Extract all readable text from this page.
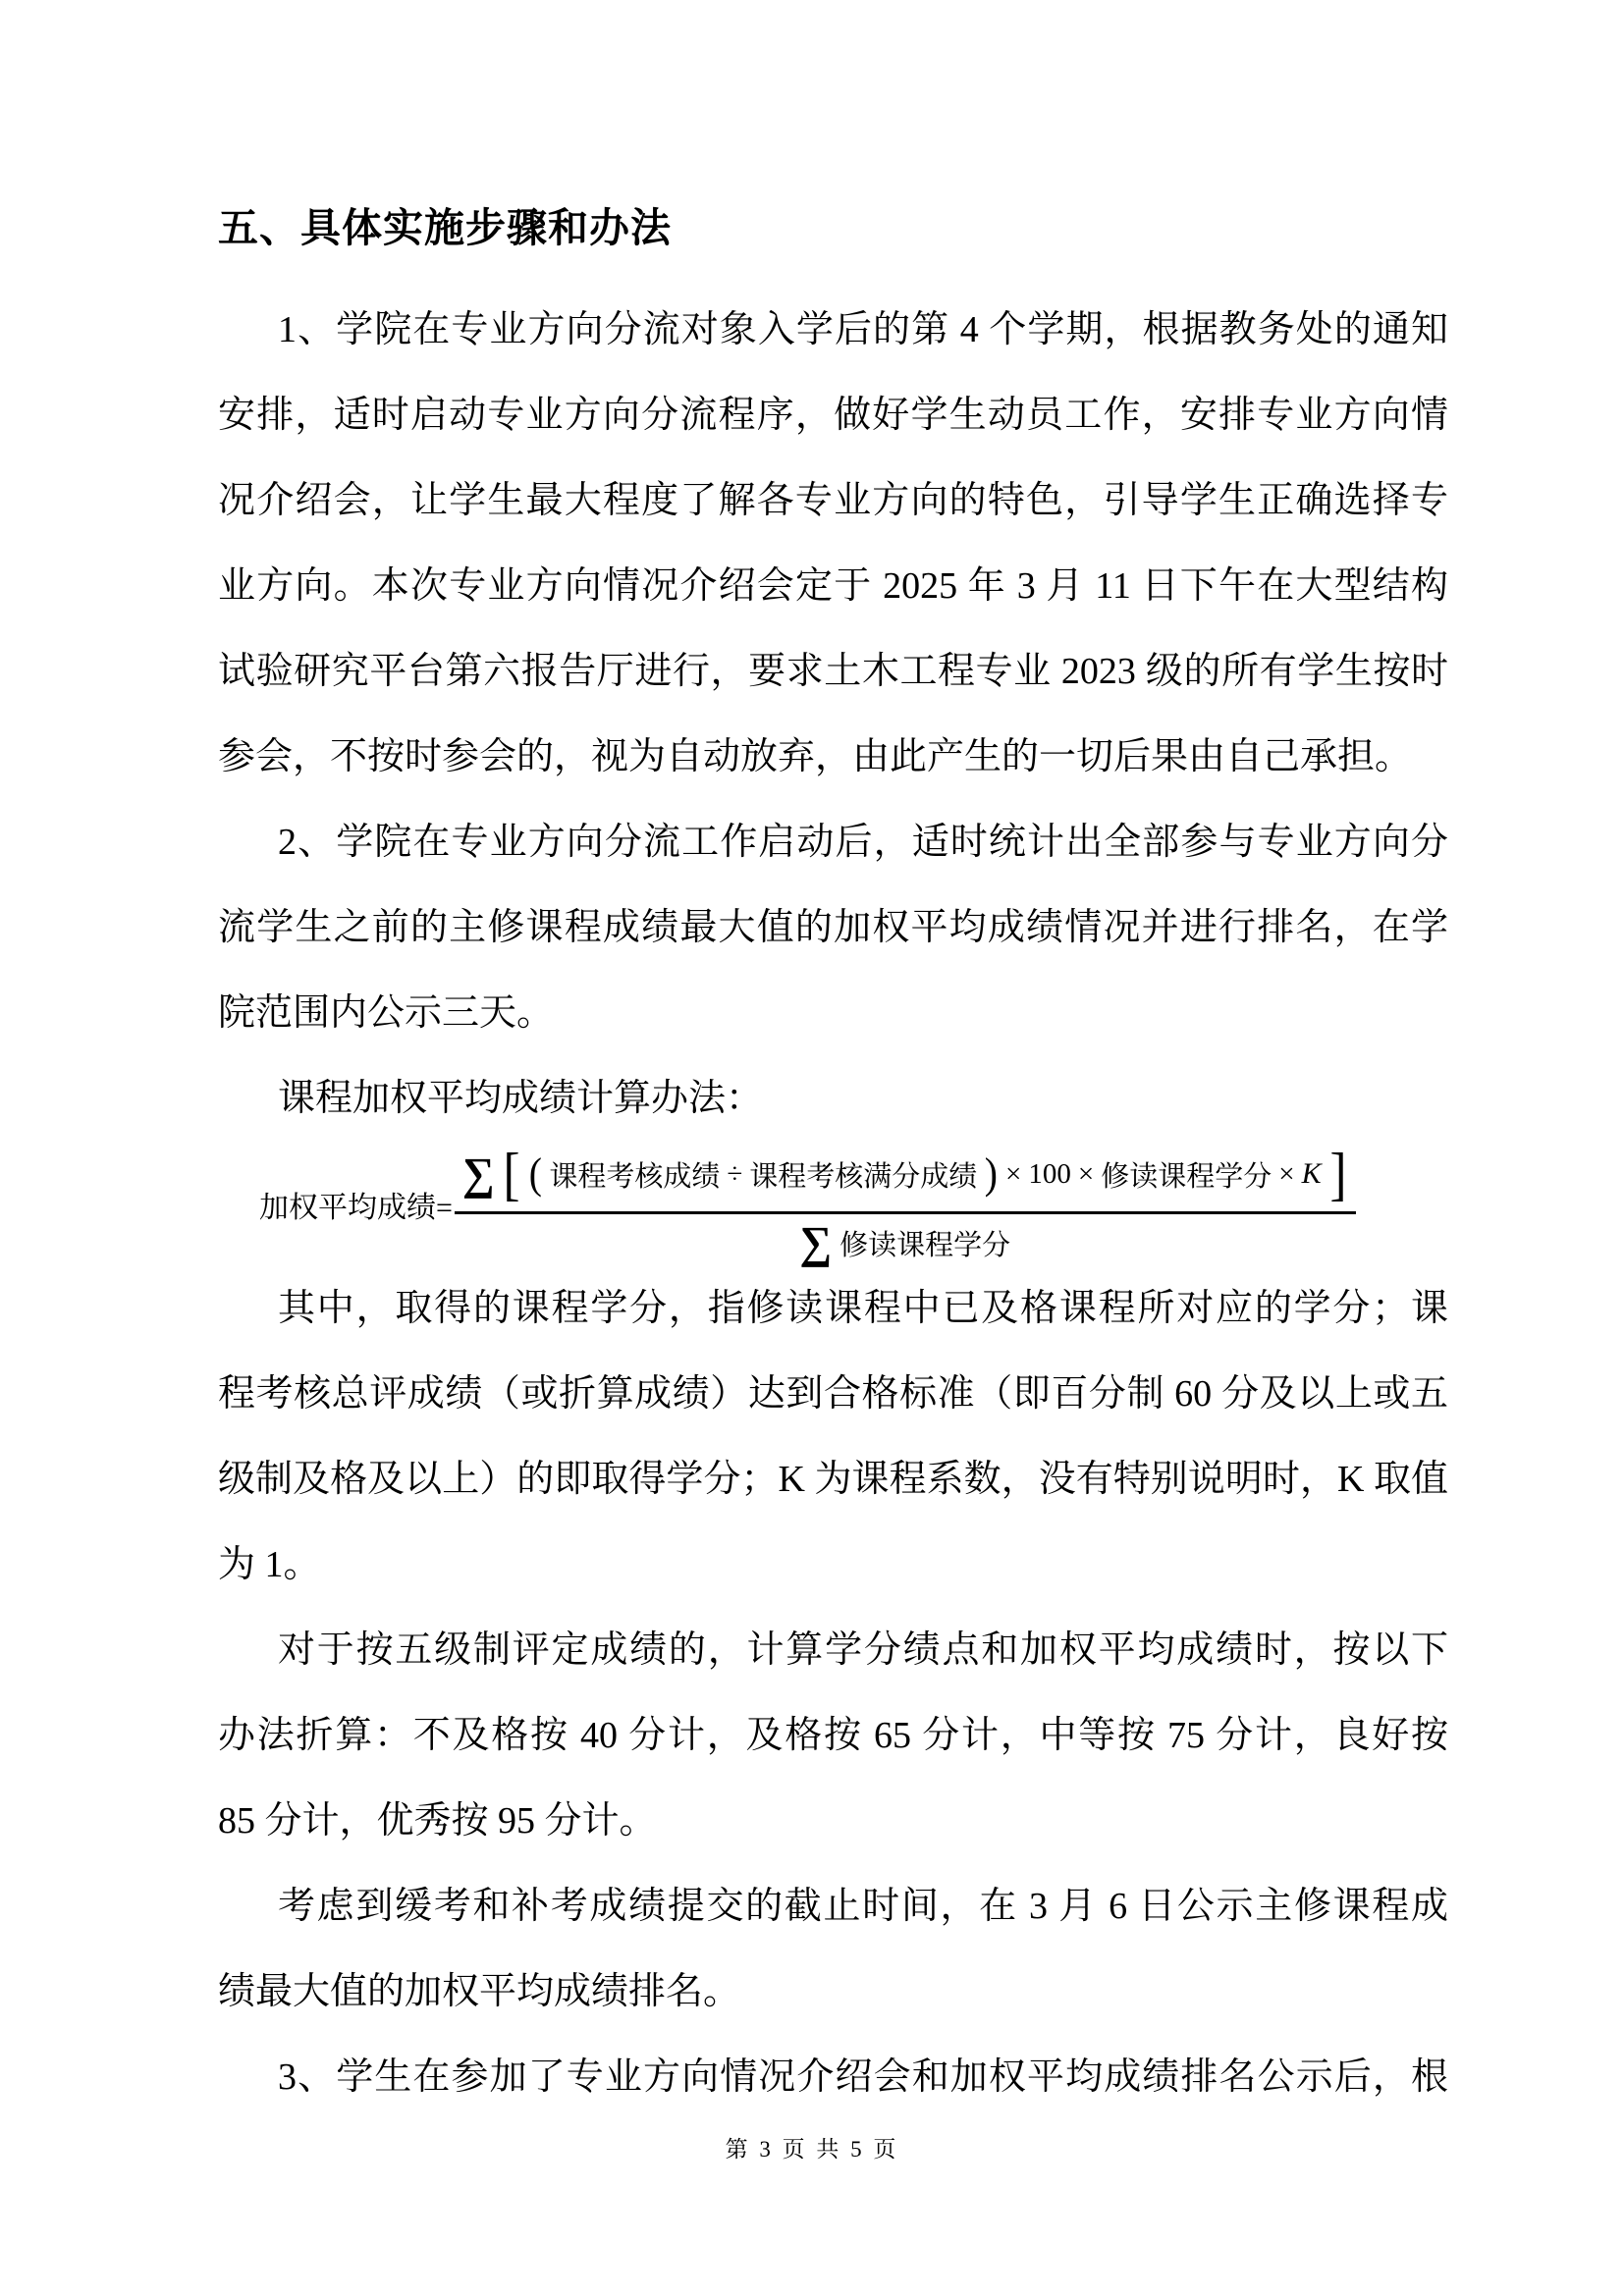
五、具体实施步骤和办法
1、学院在专业方向分流对象入学后的第 4 个学期，根据教务处的通知
安排，适时启动专业方向分流程序，做好学生动员工作，安排专业方向情
况介绍会，让学生最大程度了解各专业方向的特色，引导学生正确选择专
业方向。本次专业方向情况介绍会定于 2025 年 3 月 11 日下午在大型结构
试验研究平台第六报告厅进行，要求土木工程专业 2023 级的所有学生按时
参会，不按时参会的，视为自动放弃，由此产生的一切后果由自己承担。
2、学院在专业方向分流工作启动后，适时统计出全部参与专业方向分
流学生之前的主修课程成绩最大值的加权平均成绩情况并进行排名，在学
院范围内公示三天。
课程加权平均成绩计算办法：
加权平均成绩=
∑ [ ( 课程考核成绩 ÷ 课程考核满分成绩 ) × 100 × 修读课程学分 × K ]
∑ 修读课程学分
其中，取得的课程学分，指修读课程中已及格课程所对应的学分；课
程考核总评成绩（或折算成绩）达到合格标准（即百分制 60 分及以上或五
级制及格及以上）的即取得学分；K 为课程系数，没有特别说明时，K 取值
为 1。
对于按五级制评定成绩的，计算学分绩点和加权平均成绩时，按以下
办法折算：不及格按 40 分计，及格按 65 分计，中等按 75 分计，良好按
85 分计，优秀按 95 分计。
考虑到缓考和补考成绩提交的截止时间，在 3 月 6 日公示主修课程成
绩最大值的加权平均成绩排名。
3、学生在参加了专业方向情况介绍会和加权平均成绩排名公示后，根
第 3 页 共 5 页
